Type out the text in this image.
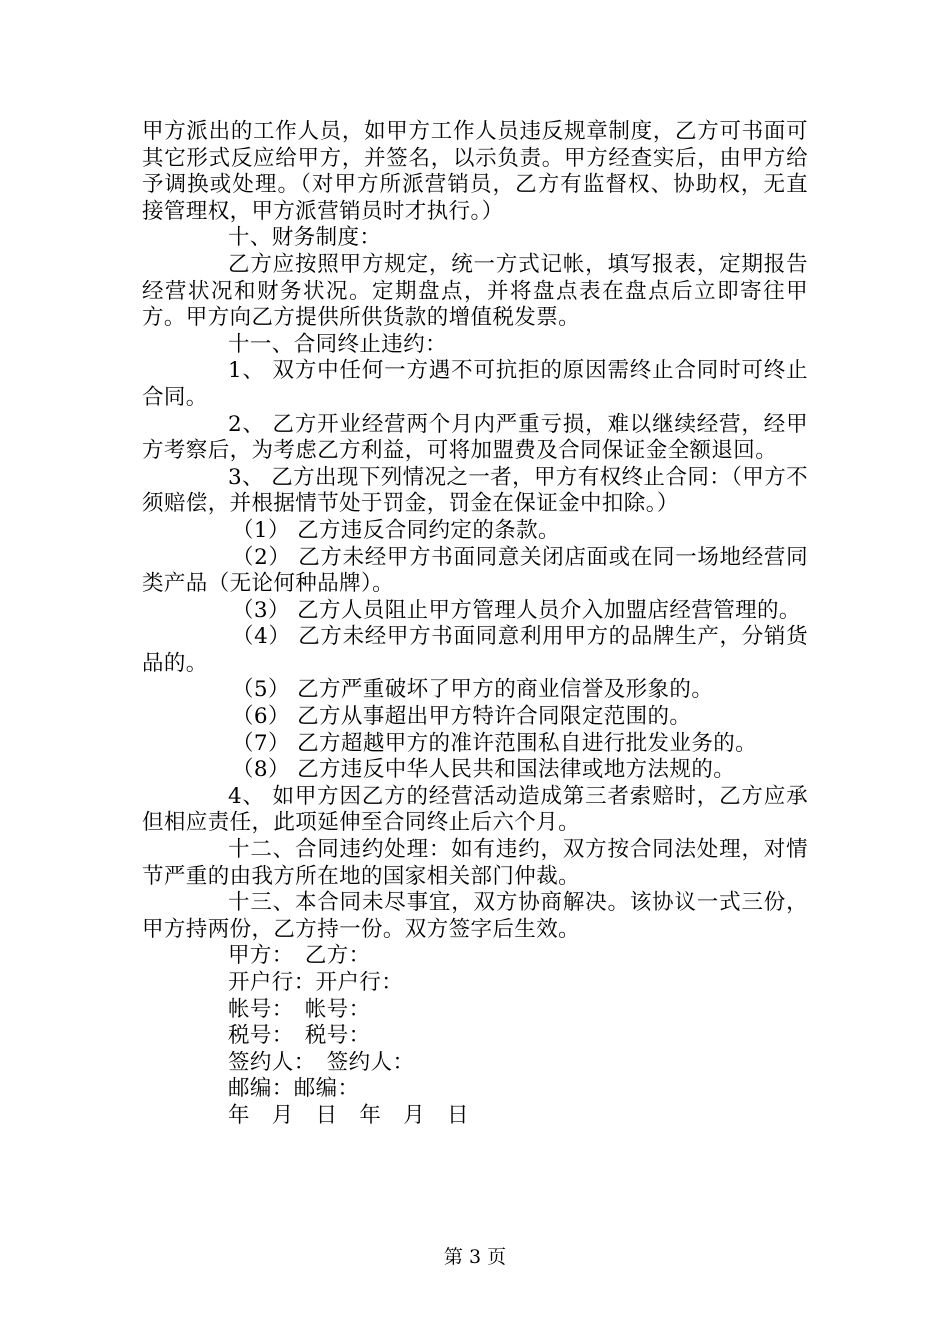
甲方派出的工作人员，如甲方工作人员违反规章制度，乙方可书面可其它形式反应给甲方，并签名，以示负责。甲方经查实后，由甲方给予调换或处理。（对甲方所派营销员，乙方有监督权、协助权，无直接管理权，甲方派营销员时才执行。）

十、财务制度：

乙方应按照甲方规定，统一方式记帐，填写报表，定期报告经营状况和财务状况。定期盘点，并将盘点表在盘点后立即寄往甲方。甲方向乙方提供所供货款的增值税发票。

十一、合同终止违约：

1、 双方中任何一方遇不可抗拒的原因需终止合同时可终止合同。

2、 乙方开业经营两个月内严重亏损，难以继续经营，经甲方考察后，为考虑乙方利益，可将加盟费及合同保证金全额退回。

3、 乙方出现下列情况之一者，甲方有权终止合同：（甲方不须赔偿，并根据情节处于罚金，罚金在保证金中扣除。）

（1） 乙方违反合同约定的条款。

（2） 乙方未经甲方书面同意关闭店面或在同一场地经营同类产品（无论何种品牌）。

（3） 乙方人员阻止甲方管理人员介入加盟店经营管理的。

（4） 乙方未经甲方书面同意利用甲方的品牌生产，分销货品的。

（5） 乙方严重破坏了甲方的商业信誉及形象的。

（6） 乙方从事超出甲方特许合同限定范围的。

（7） 乙方超越甲方的准许范围私自进行批发业务的。

（8） 乙方违反中华人民共和国法律或地方法规的。

4、 如甲方因乙方的经营活动造成第三者索赔时，乙方应承但相应责任，此项延伸至合同终止后六个月。

十二、合同违约处理：如有违约，双方按合同法处理，对情节严重的由我方所在地的国家相关部门仲裁。

十三、本合同未尽事宜，双方协商解决。该协议一式三份，甲方持两份，乙方持一份。双方签字后生效。

甲方：　乙方：

开户行：开户行：

帐号：　帐号：

税号：　税号：

签约人：　签约人：

邮编：邮编：

年　月　日　年　月　日

第 3 页
